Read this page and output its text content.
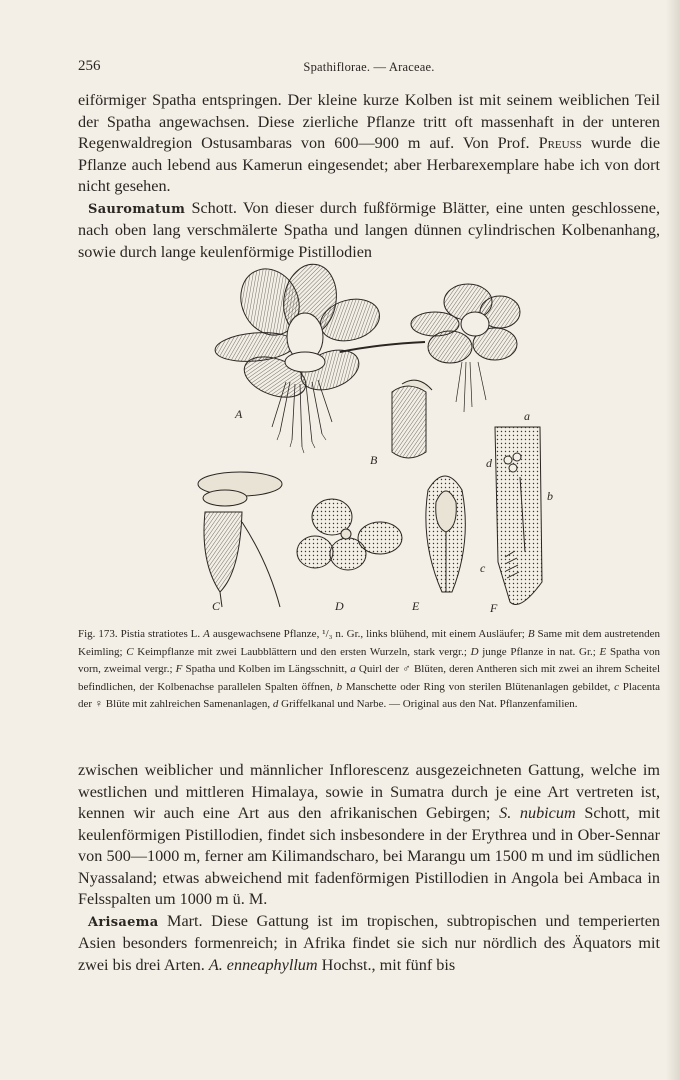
256	Spathiflorae. — Araceae.

eiförmiger Spatha entspringen. Der kleine kurze Kolben ist mit seinem weiblichen Teil der Spatha angewachsen. Diese zierliche Pflanze tritt oft massenhaft in der unteren Regenwaldregion Ostusambaras von 600—900 m auf. Von Prof. Preuss wurde die Pflanze auch lebend aus Kamerun eingesendet; aber Herbarexemplare habe ich von dort nicht gesehen.

Sauromatum Schott. Von dieser durch fußförmige Blätter, eine unten geschlossene, nach oben lang verschmälerte Spatha und langen dünnen cylindrischen Kolbenanhang, sowie durch lange keulenförmige Pistillodien

A
B
C	D	E
a
b
c
d
F
Fig. 173. Pistia stratiotes L. A ausgewachsene Pflanze, ¹/₃ n. Gr., links blühend, mit einem Ausläufer; B Same mit dem austretenden Keimling; C Keimpflanze mit zwei Laubblättern und den ersten Wurzeln, stark vergr.; D junge Pflanze in nat. Gr.; E Spatha von vorn, zweimal vergr.; F Spatha und Kolben im Längsschnitt, a Quirl der ♂ Blüten, deren Antheren sich mit zwei an ihrem Scheitel befindlichen, der Kolbenachse parallelen Spalten öffnen, b Manschette oder Ring von sterilen Blütenanlagen gebildet, c Placenta der ♀ Blüte mit zahlreichen Samenanlagen, d Griffelkanal und Narbe. — Original aus den Nat. Pflanzenfamilien.

zwischen weiblicher und männlicher Inflorescenz ausgezeichneten Gattung, welche im westlichen und mittleren Himalaya, sowie in Sumatra durch je eine Art vertreten ist, kennen wir auch eine Art aus den afrikanischen Gebirgen; S. nubicum Schott, mit keulenförmigen Pistillodien, findet sich insbesondere in der Erythrea und in Ober-Sennar von 500—1000 m, ferner am Kilimandscharo, bei Marangu um 1500 m und im südlichen Nyassaland; etwas abweichend mit fadenförmigen Pistillodien in Angola bei Ambaca in Felsspalten um 1000 m ü. M.

Arisaema Mart. Diese Gattung ist im tropischen, subtropischen und temperierten Asien besonders formenreich; in Afrika findet sie sich nur nördlich des Äquators mit zwei bis drei Arten. A. enneaphyllum Hochst., mit fünf bis
